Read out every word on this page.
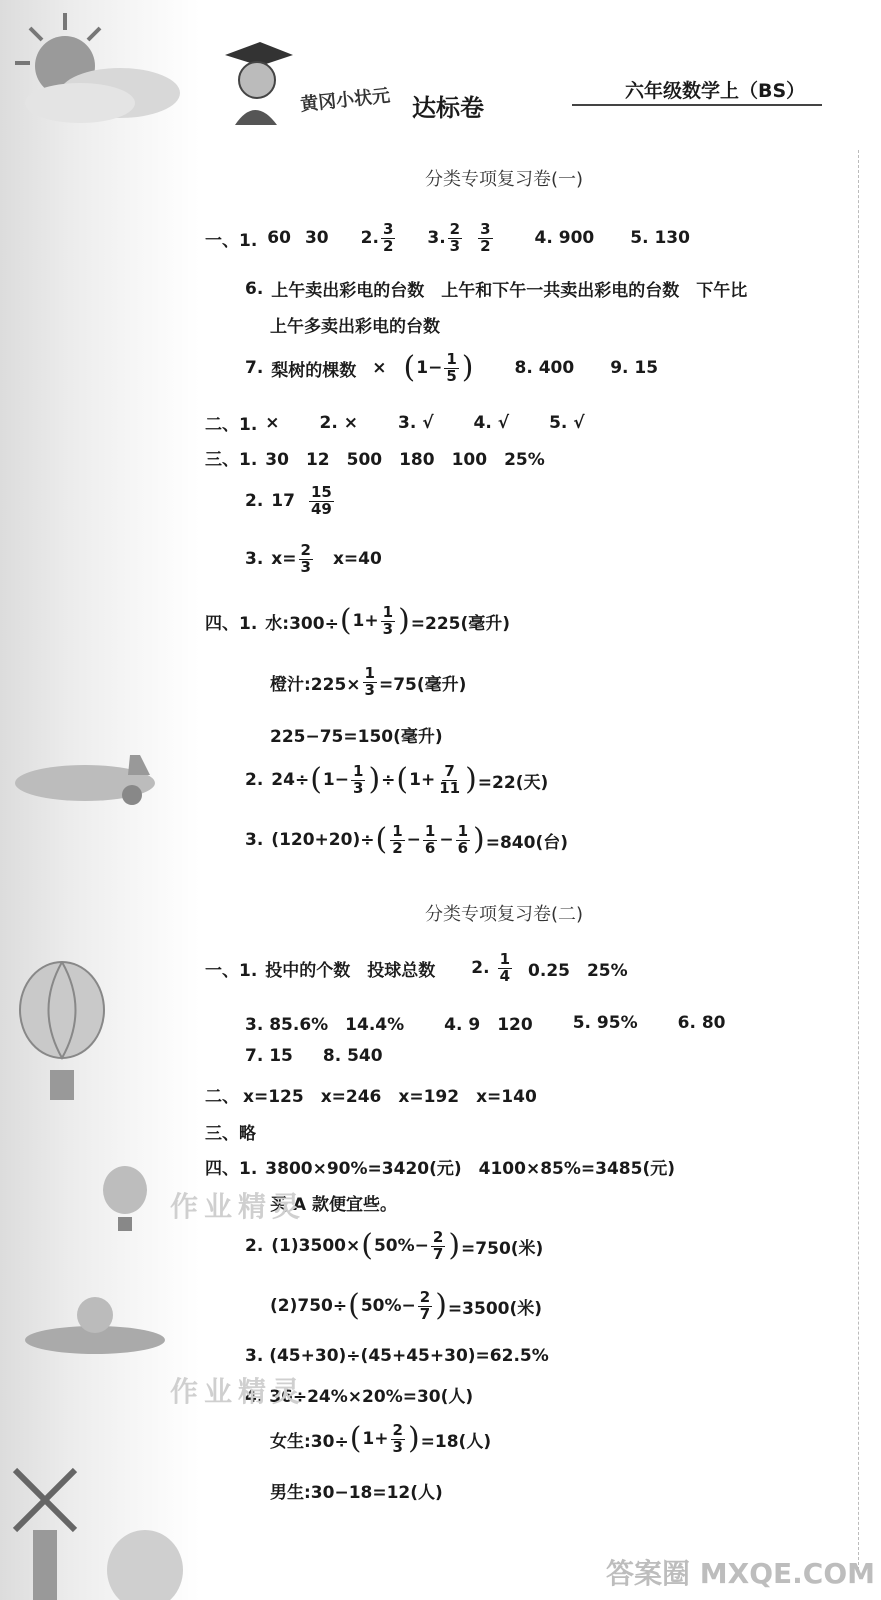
黄冈小状元 达标卷
六年级数学上（BS）
分类专项复习卷(一)
一、1. 60 30 2. $\frac{3}{2} 3$. $\frac{2}{3} \frac{3}{2} 4$. 900 5. 130
6. 上午卖出彩电的台数　上午和下午一共卖出彩电的台数　下午比
上午多卖出彩电的台数
7. 梨树的棵数 × ( $1- \frac{1}{5}$ ) 8. 400 9. 15
二、1. × 2. × 3. √ 4. √ 5. √
三、1. 30　12　500　180　100　25%
2. $17 \frac{15}{49}$
3. $x= \frac{2}{3} x=40$
四、1. 水:300÷ ( $1+ \frac{1}{3}$ ) =225(毫升)
橙汁:225× $\frac{1}{3} =75$(毫升)
225−75=150(毫升)
2. 24÷ ( $1- \frac{1}{3}$ ) ÷ ( $1+ \frac{7}{11}$ ) =22(天)
3. (120+20)÷ ( $\frac{1}{2} - \frac{1}{6} - \frac{1}{6}$ ) =840(台)
分类专项复习卷(二)
一、1. 投中的个数　投球总数 2. $\frac{1}{4} 0.25$　25%
3. 85.6%　14.4% 4. 9　120 5. 95% 6. 80
7. 15 8. 540
二、 x=125　x=246　x=192　x=140
三、略
四、1. 3800×90%=3420(元)　4100×85%=3485(元)
买 A 款便宜些。
2. (1)3500× ( $50\%- \frac{2}{7}$ ) =750(米)
(2)750÷ ( $50\%- \frac{2}{7}$ ) =3500(米)
3. (45+30)÷(45+45+30)=62.5%
4. 36÷24%×20%=30(人)
女生:30÷ ( $1+ \frac{2}{3}$ ) =18(人)
男生:30−18=12(人)
作业精灵
作业精灵
答案圈 MXQE.COM
